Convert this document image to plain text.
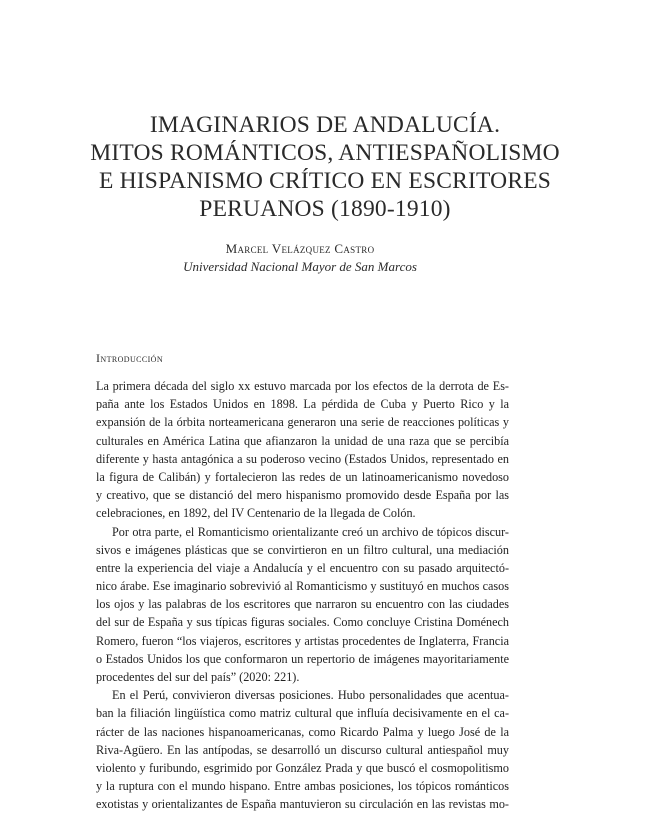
IMAGINARIOS DE ANDALUCÍA.
MITOS ROMÁNTICOS, ANTIESPAÑOLISMO
E HISPANISMO CRÍTICO EN ESCRITORES
PERUANOS (1890-1910)
Marcel Velázquez Castro
Universidad Nacional Mayor de San Marcos
Introducción
La primera década del siglo xx estuvo marcada por los efectos de la derrota de Es-
paña ante los Estados Unidos en 1898. La pérdida de Cuba y Puerto Rico y la
expansión de la órbita norteamericana generaron una serie de reacciones políticas y
culturales en América Latina que afianzaron la unidad de una raza que se percibía
diferente y hasta antagónica a su poderoso vecino (Estados Unidos, representado en
la figura de Calibán) y fortalecieron las redes de un latinoamericanismo novedoso
y creativo, que se distanció del mero hispanismo promovido desde España por las
celebraciones, en 1892, del IV Centenario de la llegada de Colón.
Por otra parte, el Romanticismo orientalizante creó un archivo de tópicos discur-
sivos e imágenes plásticas que se convirtieron en un filtro cultural, una mediación
entre la experiencia del viaje a Andalucía y el encuentro con su pasado arquitectó-
nico árabe. Ese imaginario sobrevivió al Romanticismo y sustituyó en muchos casos
los ojos y las palabras de los escritores que narraron su encuentro con las ciudades
del sur de España y sus típicas figuras sociales. Como concluye Cristina Doménech
Romero, fueron “los viajeros, escritores y artistas procedentes de Inglaterra, Francia
o Estados Unidos los que conformaron un repertorio de imágenes mayoritariamente
procedentes del sur del país” (2020: 221).
En el Perú, convivieron diversas posiciones. Hubo personalidades que acentua-
ban la filiación lingüística como matriz cultural que influía decisivamente en el ca-
rácter de las naciones hispanoamericanas, como Ricardo Palma y luego José de la
Riva-Agüero. En las antípodas, se desarrolló un discurso cultural antiespañol muy
violento y furibundo, esgrimido por González Prada y que buscó el cosmopolitismo
y la ruptura con el mundo hispano. Entre ambas posiciones, los tópicos románticos
exotistas y orientalizantes de España mantuvieron su circulación en las revistas mo-
